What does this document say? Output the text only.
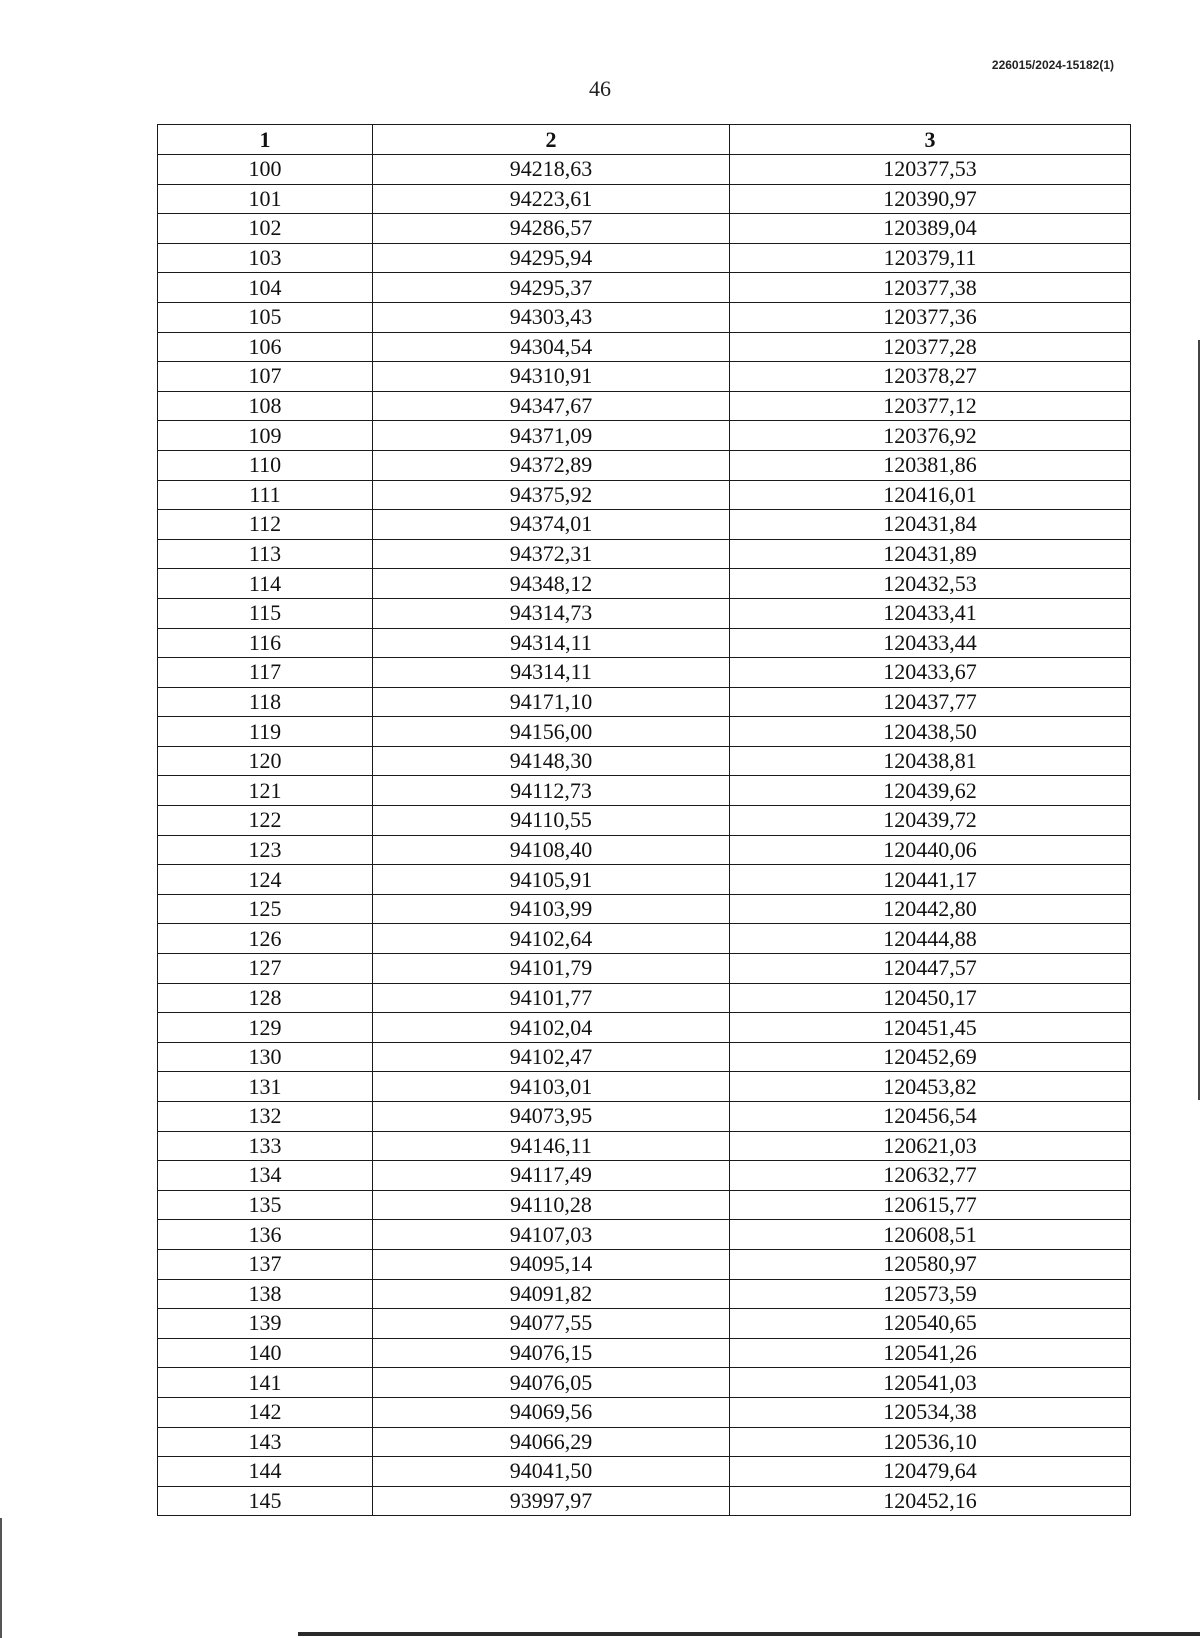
226015/2024-15182(1)
46
1	2	3
100	94218,63	120377,53
101	94223,61	120390,97
102	94286,57	120389,04
103	94295,94	120379,11
104	94295,37	120377,38
105	94303,43	120377,36
106	94304,54	120377,28
107	94310,91	120378,27
108	94347,67	120377,12
109	94371,09	120376,92
110	94372,89	120381,86
111	94375,92	120416,01
112	94374,01	120431,84
113	94372,31	120431,89
114	94348,12	120432,53
115	94314,73	120433,41
116	94314,11	120433,44
117	94314,11	120433,67
118	94171,10	120437,77
119	94156,00	120438,50
120	94148,30	120438,81
121	94112,73	120439,62
122	94110,55	120439,72
123	94108,40	120440,06
124	94105,91	120441,17
125	94103,99	120442,80
126	94102,64	120444,88
127	94101,79	120447,57
128	94101,77	120450,17
129	94102,04	120451,45
130	94102,47	120452,69
131	94103,01	120453,82
132	94073,95	120456,54
133	94146,11	120621,03
134	94117,49	120632,77
135	94110,28	120615,77
136	94107,03	120608,51
137	94095,14	120580,97
138	94091,82	120573,59
139	94077,55	120540,65
140	94076,15	120541,26
141	94076,05	120541,03
142	94069,56	120534,38
143	94066,29	120536,10
144	94041,50	120479,64
145	93997,97	120452,16
